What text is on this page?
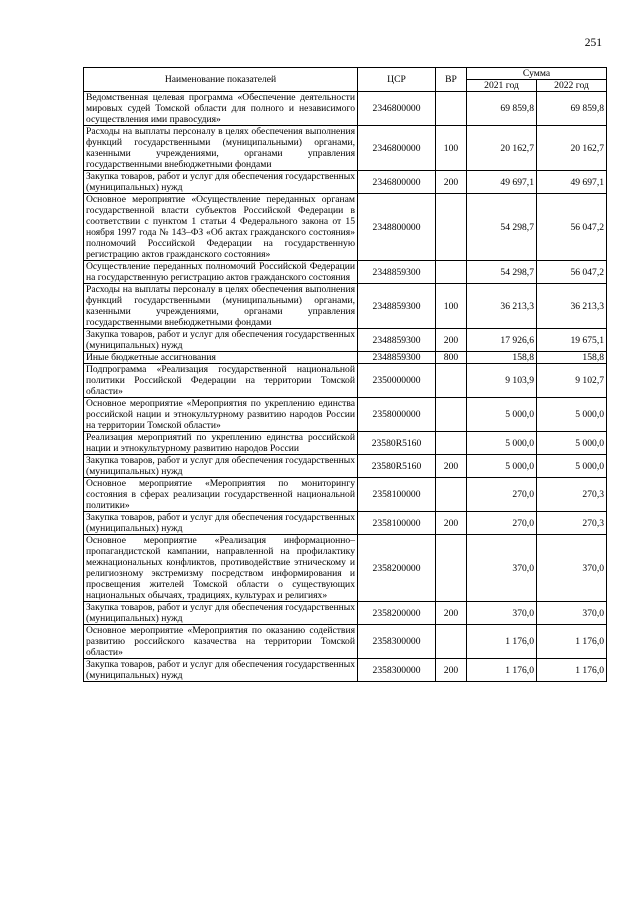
251
Наименование показателей	ЦСР	ВР	Сумма	
			2021 год	2022 год
Ведомственная целевая программа «Обеспечение деятельности мировых судей Томской области для полного и независимого осуществления ими правосудия»	2346800000		69 859,8	69 859,8
Расходы на выплаты персоналу в целях обеспечения выполнения функций государственными (муниципальными) органами, казенными учреждениями, органами управления государственными внебюджетными фондами	2346800000	100	20 162,7	20 162,7
Закупка товаров, работ и услуг для обеспечения государственных (муниципальных) нужд	2346800000	200	49 697,1	49 697,1
Основное мероприятие «Осуществление переданных органам государственной власти субъектов Российской Федерации в соответствии с пунктом 1 статьи 4 Федерального закона от 15 ноября 1997 года № 143–ФЗ «Об актах гражданского состояния» полномочий Российской Федерации на государственную регистрацию актов гражданского состояния»	2348800000		54 298,7	56 047,2
Осуществление переданных полномочий Российской Федерации на государственную регистрацию актов гражданского состояния	2348859300		54 298,7	56 047,2
Расходы на выплаты персоналу в целях обеспечения выполнения функций государственными (муниципальными) органами, казенными учреждениями, органами управления государственными внебюджетными фондами	2348859300	100	36 213,3	36 213,3
Закупка товаров, работ и услуг для обеспечения государственных (муниципальных) нужд	2348859300	200	17 926,6	19 675,1
Иные бюджетные ассигнования	2348859300	800	158,8	158,8
Подпрограмма «Реализация государственной национальной политики Российской Федерации на территории Томской области»	2350000000		9 103,9	9 102,7
Основное мероприятие «Мероприятия по укреплению единства российской нации и этнокультурному развитию народов России на территории Томской области»	2358000000		5 000,0	5 000,0
Реализация мероприятий по укреплению единства российской нации и этнокультурному развитию народов России	23580R5160		5 000,0	5 000,0
Закупка товаров, работ и услуг для обеспечения государственных (муниципальных) нужд	23580R5160	200	5 000,0	5 000,0
Основное мероприятие «Мероприятия по мониторингу состояния в сферах реализации государственной национальной политики»	2358100000		270,0	270,3
Закупка товаров, работ и услуг для обеспечения государственных (муниципальных) нужд	2358100000	200	270,0	270,3
Основное мероприятие «Реализация информационно–пропагандистской кампании, направленной на профилактику межнациональных конфликтов, противодействие этническому и религиозному экстремизму посредством информирования и просвещения жителей Томской области о существующих национальных обычаях, традициях, культурах и религиях»	2358200000		370,0	370,0
Закупка товаров, работ и услуг для обеспечения государственных (муниципальных) нужд	2358200000	200	370,0	370,0
Основное мероприятие «Мероприятия по оказанию содействия развитию российского казачества на территории Томской области»	2358300000		1 176,0	1 176,0
Закупка товаров, работ и услуг для обеспечения государственных (муниципальных) нужд	2358300000	200	1 176,0	1 176,0
